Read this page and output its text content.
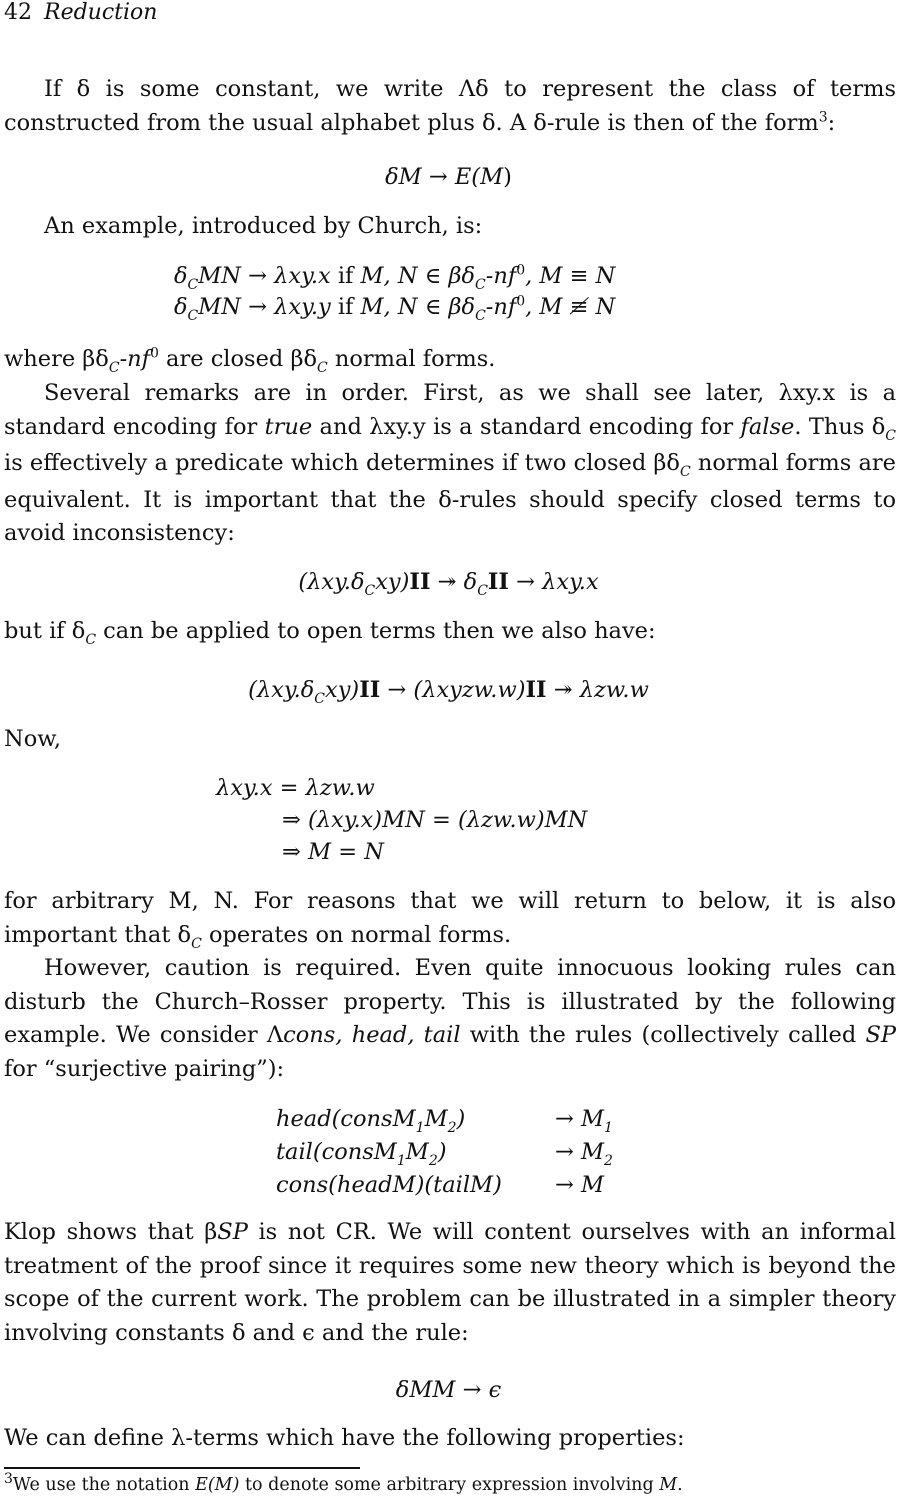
42 Reduction
If δ is some constant, we write Λδ to represent the class of terms constructed from the usual alphabet plus δ. A δ-rule is then of the form$^3$:
δM → E(M)
An example, introduced by Church, is:
$\delta_CMN \to \lambda xy.x$ if M, N ∈ $\beta\delta_C-nf^0$, M ≡ N
$\delta_CMN \to \lambda xy.y$ if M, N ∈ $\beta\delta_C-nf^0$, M ≢ N
where $\beta\delta_C-nf^0$ are closed $\beta\delta_C$ normal forms.
Several remarks are in order. First, as we shall see later, λxy.x is a standard encoding for true and λxy.y is a standard encoding for false. Thus $\delta_C$ is effectively a predicate which determines if two closed $\beta\delta_C$ normal forms are equivalent. It is important that the δ-rules should specify closed terms to avoid inconsistency:
$(\lambda xy.\delta_Cxy)II$ ↠ $\delta_CII \to \lambda xy.x$
but if $\delta_C$ can be applied to open terms then we also have:
$(\lambda xy.\delta_Cxy)II$ → (λxyzw.w)II ↠ λzw.w
Now,
λxy.x = λzw.w
⇒ (λxy.x)MN = (λzw.w)MN
⇒ M = N
for arbitrary M, N. For reasons that we will return to below, it is also important that $\delta_C$ operates on normal forms.
However, caution is required. Even quite innocuous looking rules can disturb the Church–Rosser property. This is illustrated by the following example. We consider Λcons, head, tail with the rules (collectively called SP for “surjective pairing”):
$head(consM_1M_2)$	→ $M_1$
$tail(consM_1M_2)$	→ $M_2$
cons(headM)(tailM) → M
Klop shows that βSP is not CR. We will content ourselves with an informal treatment of the proof since it requires some new theory which is beyond the scope of the current work. The problem can be illustrated in a simpler theory involving constants δ and ϵ and the rule:
δMM → ϵ
We can define λ-terms which have the following properties:
$^3$We use the notation E(M) to denote some arbitrary expression involving M.
